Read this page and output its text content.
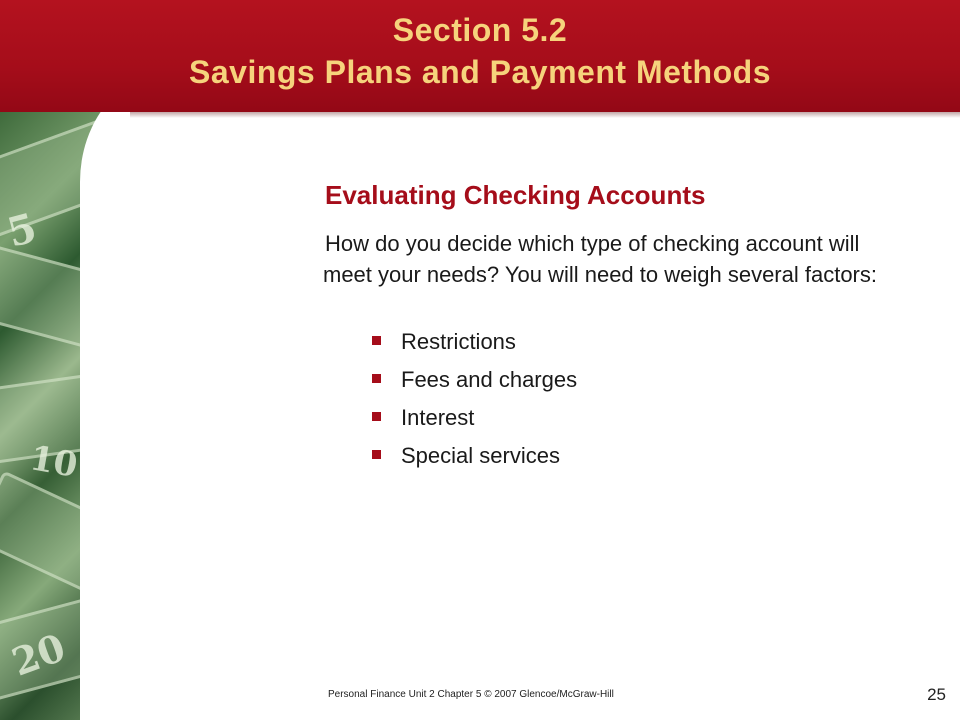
Section 5.2
Savings Plans and Payment Methods
5
10
20
Evaluating Checking Accounts

How do you decide which type of checking account will meet your needs? You will need to weigh several factors:

Restrictions
Fees and charges
Interest
Special services
Personal Finance Unit 2 Chapter 5 © 2007 Glencoe/McGraw-Hill	25
